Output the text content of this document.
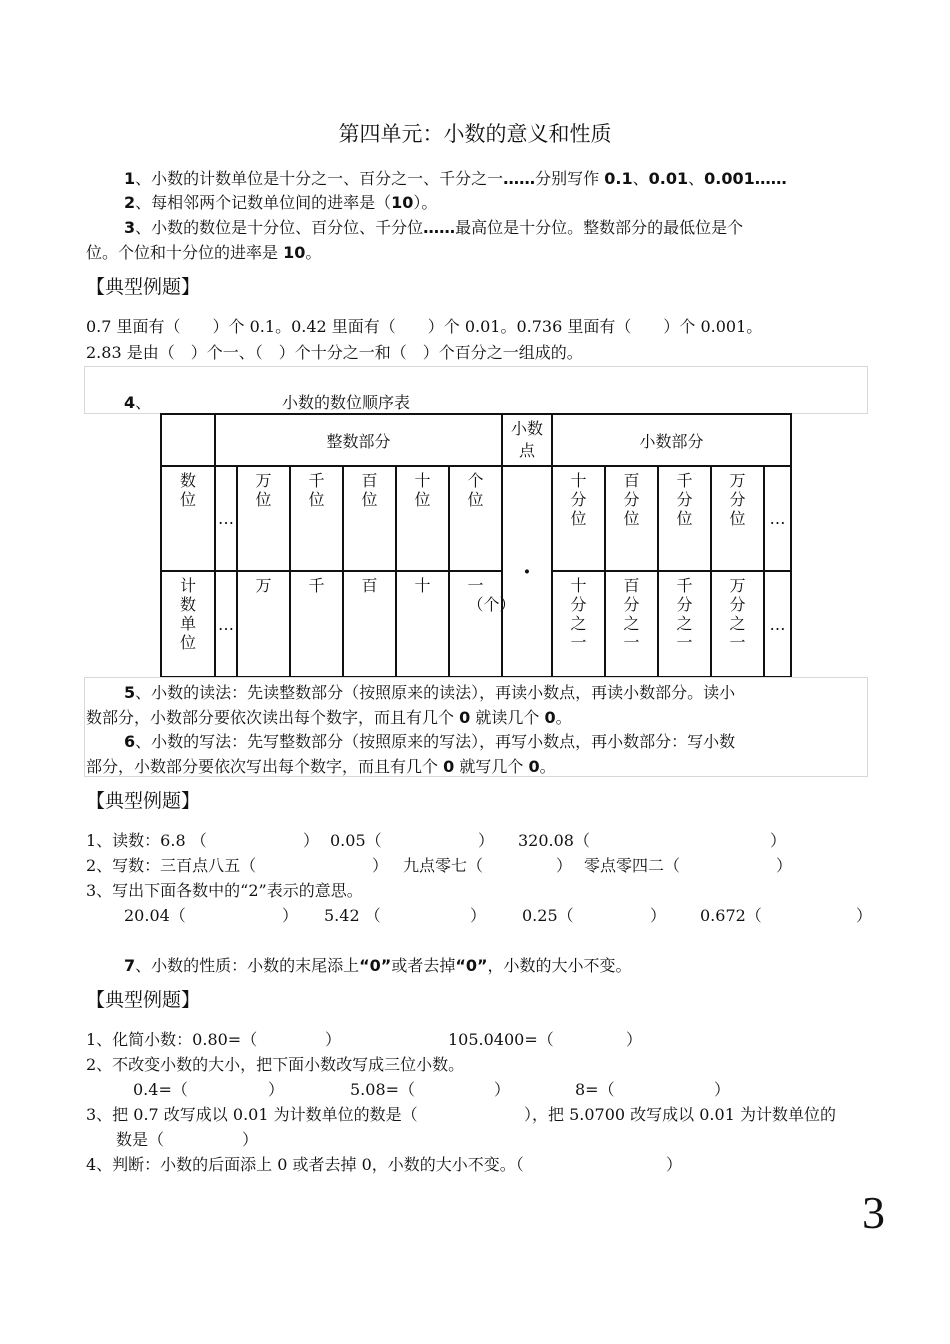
第四单元：小数的意义和性质
1、小数的计数单位是十分之一、百分之一、千分之一……分别写作 0.1、0.01、0.001……
2、每相邻两个记数单位间的进率是（10）。
3、小数的数位是十分位、百分位、千分位……最高位是十分位。整数部分的最低位是个
位。个位和十分位的进率是 10。
【典型例题】
0.7 里面有（　　）个 0.1。0.42 里面有（　　）个 0.01。0.736 里面有（　　）个 0.001。
2.83 是由（　）个一、（　）个十分之一和（　）个百分之一组成的。
4、	小数的数位顺序表
	整数部分						小数点	小数部分				
数位	…	万位	千位	百位	十位	个位	·	十分位	百分位	千分位	万分位	…
计数单位	…	万	千	百	十	一（个）		十分之一	百分之一	千分之一	万分之一	…
5、小数的读法：先读整数部分（按照原来的读法），再读小数点，再读小数部分。读小
数部分，小数部分要依次读出每个数字，而且有几个 0 就读几个 0。
6、小数的写法：先写整数部分（按照原来的写法），再写小数点，再小数部分：写小数
部分，小数部分要依次写出每个数字，而且有几个 0 就写几个 0。
【典型例题】
1、读数：6.8 （	） 0.05（	） 320.08（	）
2、写数：三百点八五（	） 九点零七（	） 零点零四二（	）
3、写出下面各数中的“2”表示的意思。
20.04（	） 5.42 （	） 0.25（	） 0.672（	）
7、小数的性质：小数的末尾添上“0”或者去掉“0”，小数的大小不变。
【典型例题】
1、化简小数：0.80=（	）	105.0400=（	）
2、不改变小数的大小，把下面小数改写成三位小数。
0.4=（	）	5.08=（	）	8=（	）
3、把 0.7 改写成以 0.01 为计数单位的数是（	），把 5.0700 改写成以 0.01 为计数单位的
数是（	）
4、判断：小数的后面添上 0 或者去掉 0，小数的大小不变。（	）
3
